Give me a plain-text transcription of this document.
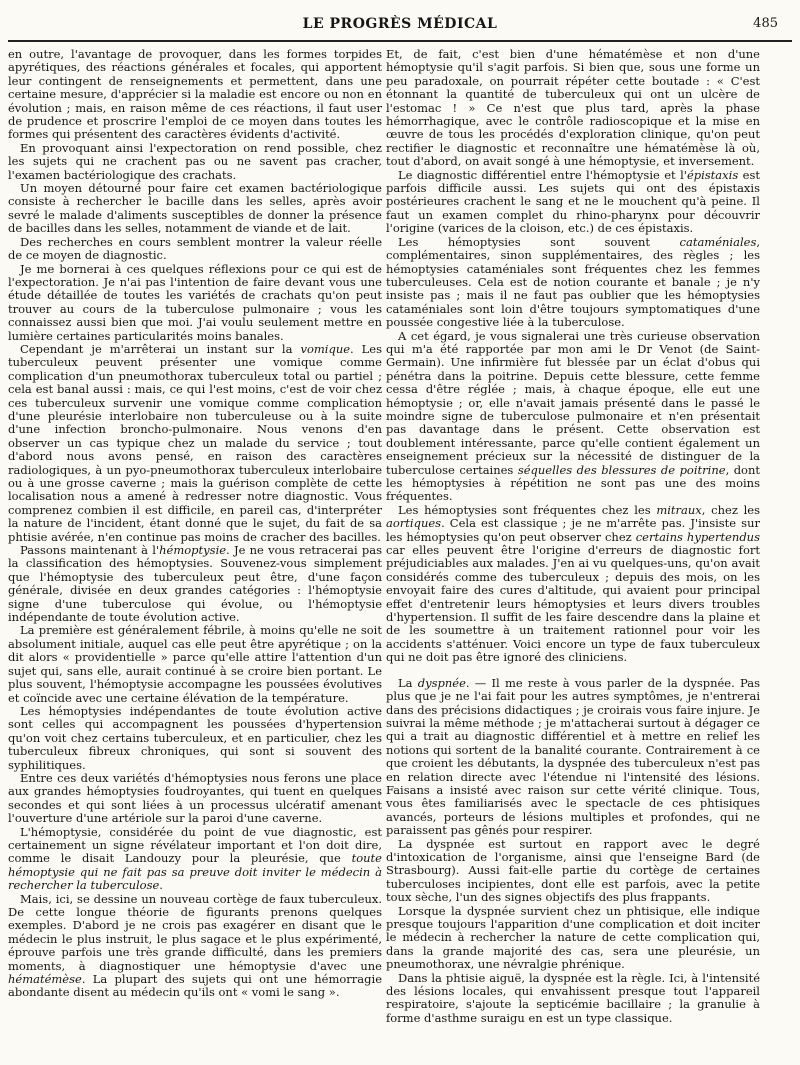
LE PROGRÈS MÉDICAL	485

en outre, l'avantage de provoquer, dans les formes torpides apyrétiques, des réactions générales et focales, qui apportent leur contingent de renseignements et permettent, dans une certaine mesure, d'apprécier si la maladie est encore ou non en évolution ; mais, en raison même de ces réactions, il faut user de prudence et proscrire l'emploi de ce moyen dans toutes les formes qui présentent des caractères évidents d'activité.

En provoquant ainsi l'expectoration on rend possible, chez les sujets qui ne crachent pas ou ne savent pas cracher, l'examen bactériologique des crachats.

Un moyen détourné pour faire cet examen bactériologique consiste à rechercher le bacille dans les selles, après avoir sevré le malade d'aliments susceptibles de donner la présence de bacilles dans les selles, notamment de viande et de lait.

Des recherches en cours semblent montrer la valeur réelle de ce moyen de diagnostic.

Je me bornerai à ces quelques réflexions pour ce qui est de l'expectoration. Je n'ai pas l'intention de faire devant vous une étude détaillée de toutes les variétés de crachats qu'on peut trouver au cours de la tuberculose pulmonaire ; vous les connaissez aussi bien que moi. J'ai voulu seulement mettre en lumière certaines particularités moins banales.

Cependant je m'arrêterai un instant sur la vomique. Les tuberculeux peuvent présenter une vomique comme complication d'un pneumothorax tuberculeux total ou partiel ; cela est banal aussi : mais, ce qui l'est moins, c'est de voir chez ces tuberculeux survenir une vomique comme complication d'une pleurésie interlobaire non tuberculeuse ou à la suite d'une infection broncho-pulmonaire. Nous venons d'en observer un cas typique chez un malade du service ; tout d'abord nous avons pensé, en raison des caractères radiologiques, à un pyo-pneumothorax tuberculeux interlobaire ou à une grosse caverne ; mais la guérison complète de cette localisation nous a amené à redresser notre diagnostic. Vous comprenez combien il est difficile, en pareil cas, d'interpréter la nature de l'incident, étant donné que le sujet, du fait de sa phtisie avérée, n'en continue pas moins de cracher des bacilles.

Passons maintenant à l'hémoptysie. Je ne vous retracerai pas la classification des hémoptysies. Souvenez-vous simplement que l'hémoptysie des tuberculeux peut être, d'une façon générale, divisée en deux grandes catégories : l'hémoptysie signe d'une tuberculose qui évolue, ou l'hémoptysie indépendante de toute évolution active.

La première est généralement fébrile, à moins qu'elle ne soit absolument initiale, auquel cas elle peut être apyrétique ; on la dit alors « providentielle » parce qu'elle attire l'attention d'un sujet qui, sans elle, aurait continué à se croire bien portant. Le plus souvent, l'hémoptysie accompagne les poussées évolutives et coïncide avec une certaine élévation de la température.

Les hémoptysies indépendantes de toute évolution active sont celles qui accompagnent les poussées d'hypertension qu'on voit chez certains tuberculeux, et en particulier, chez les tuberculeux fibreux chroniques, qui sont si souvent des syphilitiques.

Entre ces deux variétés d'hémoptysies nous ferons une place aux grandes hémoptysies foudroyantes, qui tuent en quelques secondes et qui sont liées à un processus ulcératif amenant l'ouverture d'une artériole sur la paroi d'une caverne.

L'hémoptysie, considérée du point de vue diagnostic, est certainement un signe révélateur important et l'on doit dire, comme le disait Landouzy pour la pleurésie, que toute hémoptysie qui ne fait pas sa preuve doit inviter le médecin à rechercher la tuberculose.

Mais, ici, se dessine un nouveau cortège de faux tuberculeux. De cette longue théorie de figurants prenons quelques exemples. D'abord je ne crois pas exagérer en disant que le médecin le plus instruit, le plus sagace et le plus expérimenté, éprouve parfois une très grande difficulté, dans les premiers moments, à diagnostiquer une hémoptysie d'avec une hématémèse. La plupart des sujets qui ont une hémorragie abondante disent au médecin qu'ils ont « vomi le sang ».

Et, de fait, c'est bien d'une hématémèse et non d'une hémoptysie qu'il s'agit parfois. Si bien que, sous une forme un peu paradoxale, on pourrait répéter cette boutade : « C'est étonnant la quantité de tuberculeux qui ont un ulcère de l'estomac ! » Ce n'est que plus tard, après la phase hémorrhagique, avec le contrôle radioscopique et la mise en œuvre de tous les procédés d'exploration clinique, qu'on peut rectifier le diagnostic et reconnaître une hématémèse là où, tout d'abord, on avait songé à une hémoptysie, et inversement.

Le diagnostic différentiel entre l'hémoptysie et l'épistaxis est parfois difficile aussi. Les sujets qui ont des épistaxis postérieures crachent le sang et ne le mouchent qu'à peine. Il faut un examen complet du rhino-pharynx pour découvrir l'origine (varices de la cloison, etc.) de ces épistaxis.

Les hémoptysies sont souvent cataméniales, complémentaires, sinon supplémentaires, des règles ; les hémoptysies cataméniales sont fréquentes chez les femmes tuberculeuses. Cela est de notion courante et banale ; je n'y insiste pas ; mais il ne faut pas oublier que les hémoptysies cataméniales sont loin d'être toujours symptomatiques d'une poussée congestive liée à la tuberculose.

A cet égard, je vous signalerai une très curieuse observation qui m'a été rapportée par mon ami le Dr Venot (de Saint-Germain). Une infirmière fut blessée par un éclat d'obus qui pénétra dans la poitrine. Depuis cette blessure, cette femme cessa d'être réglée ; mais, à chaque époque, elle eut une hémoptysie ; or, elle n'avait jamais présenté dans le passé le moindre signe de tuberculose pulmonaire et n'en présentait pas davantage dans le présent. Cette observation est doublement intéressante, parce qu'elle contient également un enseignement précieux sur la nécessité de distinguer de la tuberculose certaines séquelles des blessures de poitrine, dont les hémoptysies à répétition ne sont pas une des moins fréquentes.

Les hémoptysies sont fréquentes chez les mitraux, chez les aortiques. Cela est classique ; je ne m'arrête pas. J'insiste sur les hémoptysies qu'on peut observer chez certains hypertendus car elles peuvent être l'origine d'erreurs de diagnostic fort préjudiciables aux malades. J'en ai vu quelques-uns, qu'on avait considérés comme des tuberculeux ; depuis des mois, on les envoyait faire des cures d'altitude, qui avaient pour principal effet d'entretenir leurs hémoptysies et leurs divers troubles d'hypertension. Il suffit de les faire descendre dans la plaine et de les soumettre à un traitement rationnel pour voir les accidents s'atténuer. Voici encore un type de faux tuberculeux qui ne doit pas être ignoré des cliniciens.

La dyspnée. — Il me reste à vous parler de la dyspnée. Pas plus que je ne l'ai fait pour les autres symptômes, je n'entrerai dans des précisions didactiques ; je croirais vous faire injure. Je suivrai la même méthode ; je m'attacherai surtout à dégager ce qui a trait au diagnostic différentiel et à mettre en relief les notions qui sortent de la banalité courante. Contrairement à ce que croient les débutants, la dyspnée des tuberculeux n'est pas en relation directe avec l'étendue ni l'intensité des lésions. Faisans a insisté avec raison sur cette vérité clinique. Tous, vous êtes familiarisés avec le spectacle de ces phtisiques avancés, porteurs de lésions multiples et profondes, qui ne paraissent pas gênés pour respirer.

La dyspnée est surtout en rapport avec le degré d'intoxication de l'organisme, ainsi que l'enseigne Bard (de Strasbourg). Aussi fait-elle partie du cortège de certaines tuberculoses incipientes, dont elle est parfois, avec la petite toux sèche, l'un des signes objectifs des plus frappants.

Lorsque la dyspnée survient chez un phtisique, elle indique presque toujours l'apparition d'une complication et doit inciter le médecin à rechercher la nature de cette complication qui, dans la grande majorité des cas, sera une pleurésie, un pneumothorax, une névralgie phrénique.

Dans la phtisie aiguë, la dyspnée est la règle. Ici, à l'intensité des lésions locales, qui envahissent presque tout l'appareil respiratoire, s'ajoute la septicémie bacillaire ; la granulie à forme d'asthme suraigu en est un type classique.
